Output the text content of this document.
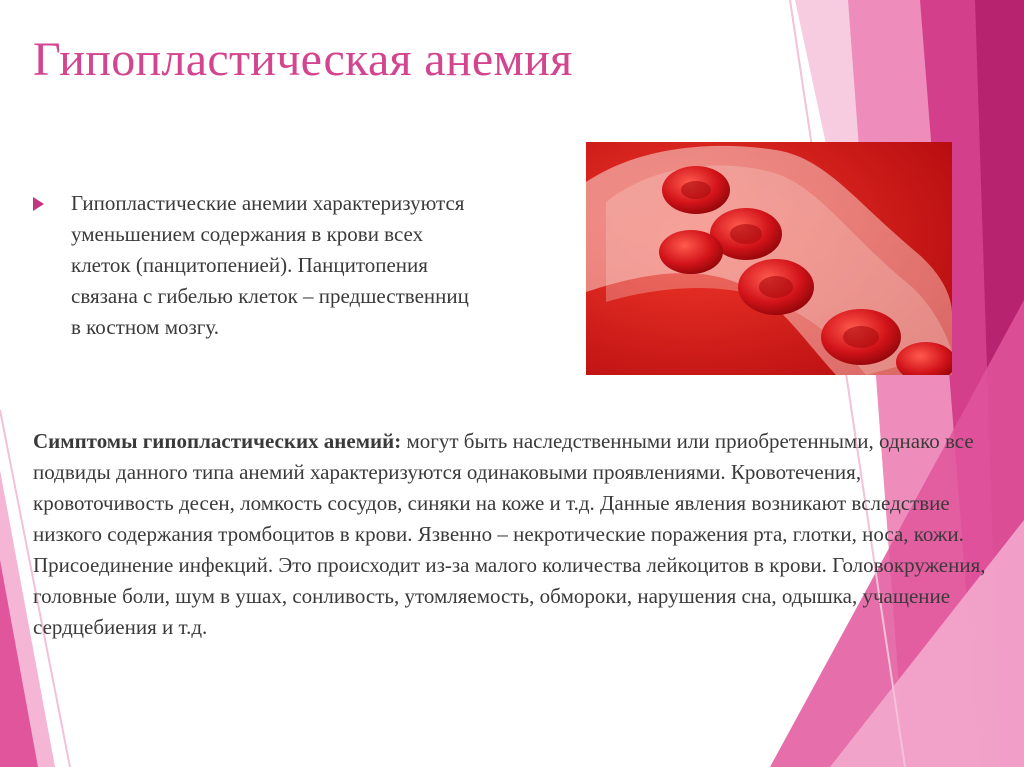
Гипопластическая анемия

Гипопластические анемии характеризуются уменьшением содержания в крови всех клеток (панцитопенией). Панцитопения связана с гибелью клеток – предшественниц в костном мозгу.

Симптомы гипопластических анемий: могут быть наследственными или приобретенными, однако все подвиды данного типа анемий характеризуются одинаковыми проявлениями. Кровотечения, кровоточивость десен, ломкость сосудов, синяки на коже и т.д. Данные явления возникают вследствие низкого содержания тромбоцитов в крови. Язвенно – некротические поражения рта, глотки, носа, кожи. Присоединение инфекций. Это происходит из-за малого количества лейкоцитов в крови. Головокружения, головные боли, шум в ушах, сонливость, утомляемость, обмороки, нарушения сна, одышка, учащение сердцебиения и т.д.
